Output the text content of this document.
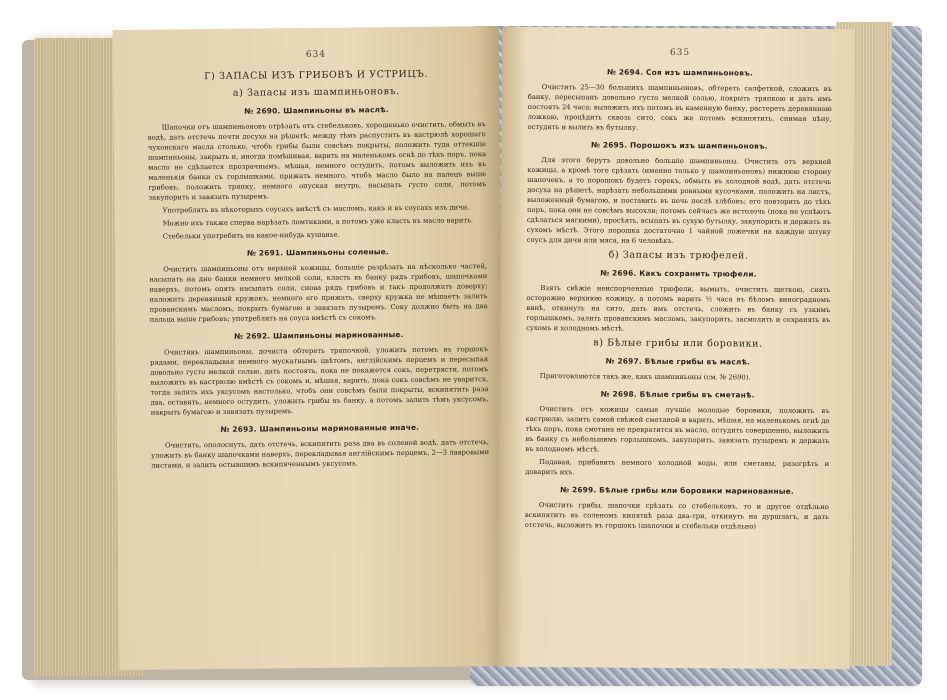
634
Г) ЗАПАСЫ ИЗЪ ГРИБОВЪ И УСТРИЦЪ.
а) Запасы изъ шампиньоновъ.
№ 2690. Шампиньоны въ маслѣ.

Шапочки отъ шампиньоновъ отрѣзать отъ стебельковъ, хорошенько очистить, обмыть въ водѣ, дать отстечь почти досуха на рѣшетѣ; между тѣмъ распустить въ кастрюлѣ хорошаго чухонскаго масла столько, чтобъ грибы были совсѣмъ покрыты, положить туда оттекшіе шампиньоны, закрыть и, иногда помѣшивая, варить на маленькомъ огнѣ до тѣхъ поръ, пока масло не сдѣлается прозрачнымъ, мѣшая, немного остудить, потомъ выложить ихъ въ маленькія банки съ горлышками, прижать немного, чтобъ масло было на палецъ выше грибовъ, положить тряпку, немного опуская внутрь, насыпать густо соли, потомъ закупорить и завязать пузыремъ.

Употреблять въ нѣкоторыхъ соусахъ вмѣстѣ съ масломъ, какъ и въ соусахъ изъ дичи.

Можно ихъ также сперва нарѣзать ломтиками, а потомъ уже класть въ масло варить.

Стебельки употребить на какое-нибудь кушанье.

№ 2691. Шампиньоны соленые.

Очистить шампиньоны отъ верхней кожицы, большіе разрѣзать на нѣсколько частей, насыпать на дно банки немного мелкой соли, класть въ банку рядъ грибовъ, шапочками наверхъ, потомъ опять насыпать соли, снова рядъ грибовъ и такъ продолжать доверху; наложить деревянный кружокъ, немного его прижать, сверху кружка не мѣшаетъ залить прованскимъ масломъ, покрыть бумагою и завязать пузыремъ. Соку должно быть на два пальца выше грибовъ; употреблять на соуса вмѣстѣ съ сокомъ.

№ 2692. Шампиньоны маринованные.

Очистивъ шампиньоны, дочиста обтереть тряпочкой, уложить потомъ въ горшокъ рядами, перекладывая немного мускатнымъ цвѣтомъ, англійскимъ перцемъ и пересыпая довольно густо мелкой солью, дать постоять, пока не покажется сокъ, перетрясти, потомъ выложить въ кастрюлю вмѣстѣ съ сокомъ и, мѣшая, варить, пока сокъ совсѣмъ не уварится, тогда залить ихъ уксусомъ настолько, чтобъ они совсѣмъ были покрыты, вскипятить раза два, оставить, немного остудить, уложить грибы въ банку, а потомъ залить тѣмъ уксусомъ, накрыть бумагою и завязать пузыремъ.

№ 2693. Шампиньоны маринованные иначе.

Очистить, ополоснуть, дать отстечь, вскипятить раза два въ соленой водѣ, дать отстечь, уложить въ банку шапочками наверхъ, перекладывая англійскимъ перцемъ, 2—3 лавровыми листами, и залить остывшимъ вскипяченнымъ уксусомъ.

635
№ 2694. Соя изъ шампиньоновъ.

Очистить 25—30 большихъ шампиньоновъ, обтереть салфеткой, сложить въ банку, пересыпанъ довольно густо мелкой солью, покрыть тряпкою и дать имъ постоять 24 часа; выложить ихъ потомъ въ каменную банку, растереть деревянною ложкою, процѣдить сквозь сито, сокъ же потомъ вскипятить, снимая пѣну, остудить и вылить въ бутылку.

№ 2695. Порошокъ изъ шампиньоновъ.

Для этого берутъ довольно большіе шампиньоны. Очистить отъ верхней кожицы, а кромѣ того срѣзать (именно только у шампиньоновъ) нижнюю сторону шапочекъ, а то порошокъ будетъ горекъ, обмыть въ холодной водѣ, дать отстечь досуха на рѣшетѣ, нарѣзать небольшими ровными кусочками, положить на листъ, выложенный бумагою, и поставить въ печь послѣ хлѣбовъ; его повторить до тѣхъ поръ, пока они не совсѣмъ высохли; потомъ сейчасъ же истолочь (пока не успѣютъ сдѣлаться мягкими), просѣять, всыпать въ сухую бутылку, закупорить и держать въ сухомъ мѣстѣ. Этого порошка достаточно 1 чайной ложечки на каждую штуку соусъ для дичи или мяса, на 6 человѣкъ.

б) Запасы изъ трюфелей.
№ 2696. Какъ сохранить трюфели.

Взять свѣжіе неиспорченные трюфели, вымыть, очистить щеткою, снять осторожно верхнюю кожицу, а потомъ варить ½ часа въ бѣломъ виноградномъ винѣ, откинуть на сито, дать имъ отстечь, сложить въ банку съ узкимъ горлышкомъ, залить прованскимъ масломъ, закупорить, засмолить и сохранять въ сухомъ и холодномъ мѣстѣ.

в) Бѣлые грибы или боровики.
№ 2697. Бѣлые грибы въ маслѣ.

Приготовляются такъ же, какъ шампиньоны (см. № 2690).

№ 2698. Бѣлые грибы въ сметанѣ.

Очистить отъ кожицы самые лучшіе молодые боровики, положить въ кастрюлю, залить самой свѣжей сметаной и варить, мѣшая, на маленькомъ огнѣ до тѣхъ поръ, пока сметана не превратится въ масло, остудить совершенно, выложить въ банку съ небольшимъ горлышкомъ, закупорить, завязать пузыремъ и держать въ холодномъ мѣстѣ.

Подавая, прибавить немного холодной воды, или сметаны, разогрѣть и доварить ихъ.

№ 2699. Бѣлые грибы или боровики маринованные.

Очистить грибы, шапочки срѣзать со стебельковъ, то и другое отдѣльно вскипятить въ соленомъ кипяткѣ раза два-три, откинуть на дуршлагъ, и дать отстечь, выложить въ горшокъ (шапочки и стебельки отдѣльно)
